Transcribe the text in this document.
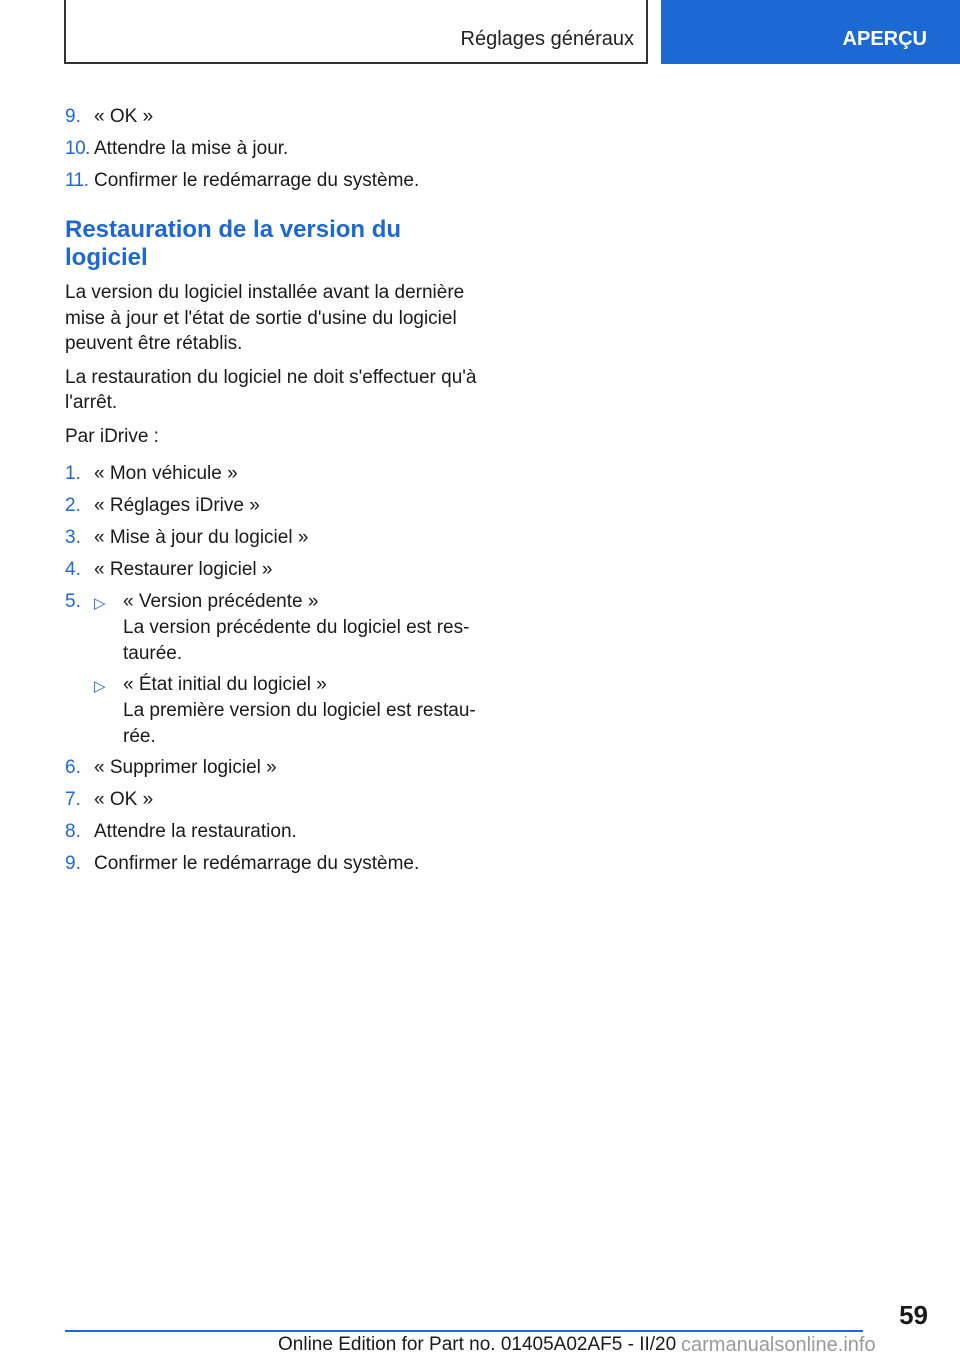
Réglages généraux	APERÇU
9. « OK »
10. Attendre la mise à jour.
11. Confirmer le redémarrage du système.
Restauration de la version du
logiciel

La version du logiciel installée avant la dernière mise à jour et l'état de sortie d'usine du logiciel peuvent être rétablis.

La restauration du logiciel ne doit s'effectuer qu'à l'arrêt.

Par iDrive :

1. « Mon véhicule »
2. « Réglages iDrive »
3. « Mise à jour du logiciel »
4. « Restaurer logiciel »
5. ▷ « Version précédente »
La version précédente du logiciel est res-taurée.
▷ « État initial du logiciel »
La première version du logiciel est restau-rée.
6. « Supprimer logiciel »
7. « OK »
8. Attendre la restauration.
9. Confirmer le redémarrage du système.
59
Online Edition for Part no. 01405A02AF5 - II/20 carmanualsonline.info
